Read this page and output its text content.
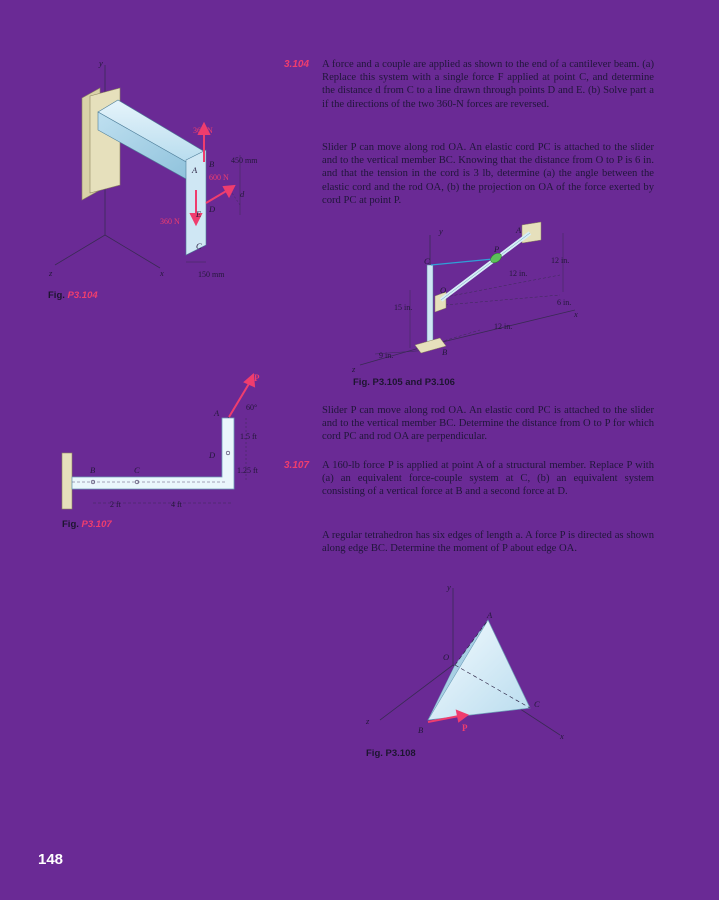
3.104	A force and a couple are applied as shown to the end of a cantilever beam. (a) Replace this system with a single force F applied at point C, and determine the distance d from C to a line drawn through points D and E. (b) Solve part a if the directions of the two 360-N forces are reversed.
Slider P can move along rod OA. An elastic cord PC is attached to the slider and to the vertical member BC. Knowing that the distance from O to P is 6 in. and that the tension in the cord is 3 lb, determine (a) the angle between the elastic cord and the rod OA, (b) the projection on OA of the force exerted by cord PC at point P.
Slider P can move along rod OA. An elastic cord PC is attached to the slider and to the vertical member BC. Determine the distance from O to P for which cord PC and rod OA are perpendicular.
3.107	A 160-lb force P is applied at point A of a structural member. Replace P with (a) an equivalent force-couple system at C, (b) an equivalent system consisting of a vertical force at B and a second force at D.
A regular tetrahedron has six edges of length a. A force P is directed as shown along edge BC. Determine the moment of P about edge OA.
y
x
z
A
B
C
D
E
d
360 N
600 N
360 N
450 mm
150 mm
Fig. P3.104
y
x
z
A
B
C
O
P
12 in.
12 in.
12 in.
15 in.
6 in.
9 in.
Fig. P3.105 and P3.106
A
B	C
D
P
60°
1.5 ft
1.25 ft
2 ft	4 ft
Fig. P3.107
y
x
z
A
B
C
O
P
Fig. P3.108
148
